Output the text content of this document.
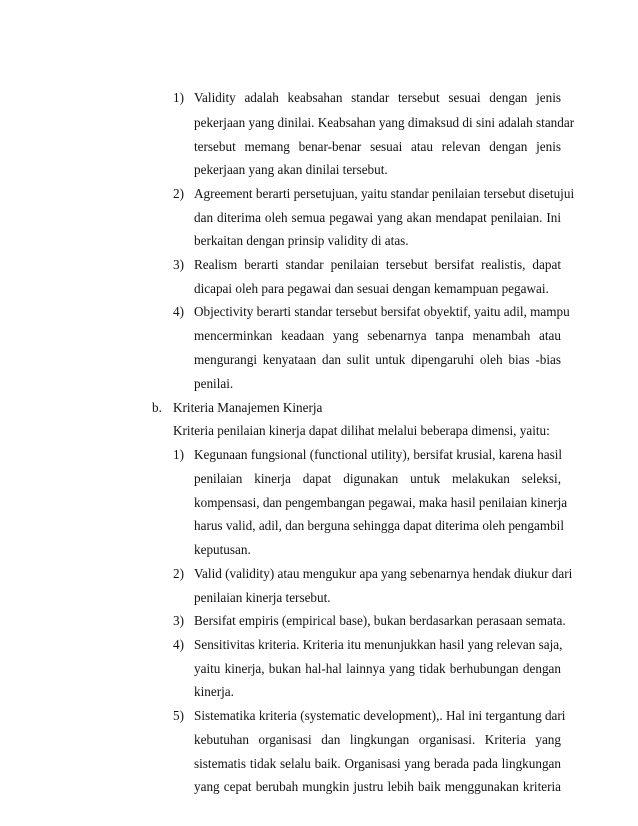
1) Validity adalah keabsahan standar tersebut sesuai dengan jenis
pekerjaan yang dinilai. Keabsahan yang dimaksud di sini adalah standar
tersebut memang benar-benar sesuai atau relevan dengan jenis
pekerjaan yang akan dinilai tersebut.
2) Agreement berarti persetujuan, yaitu standar penilaian tersebut disetujui
dan diterima oleh semua pegawai yang akan mendapat penilaian. Ini
berkaitan dengan prinsip validity di atas.
3) Realism berarti standar penilaian tersebut bersifat realistis, dapat
dicapai oleh para pegawai dan sesuai dengan kemampuan pegawai.
4) Objectivity berarti standar tersebut bersifat obyektif, yaitu adil, mampu
mencerminkan keadaan yang sebenarnya tanpa menambah atau
mengurangi kenyataan dan sulit untuk dipengaruhi oleh bias -bias
penilai.
b. Kriteria Manajemen Kinerja
Kriteria penilaian kinerja dapat dilihat melalui beberapa dimensi, yaitu:
1) Kegunaan fungsional (functional utility), bersifat krusial, karena hasil
penilaian kinerja dapat digunakan untuk melakukan seleksi,
kompensasi, dan pengembangan pegawai, maka hasil penilaian kinerja
harus valid, adil, dan berguna sehingga dapat diterima oleh pengambil
keputusan.
2) Valid (validity) atau mengukur apa yang sebenarnya hendak diukur dari
penilaian kinerja tersebut.
3) Bersifat empiris (empirical base), bukan berdasarkan perasaan semata.
4) Sensitivitas kriteria. Kriteria itu menunjukkan hasil yang relevan saja,
yaitu kinerja, bukan hal-hal lainnya yang tidak berhubungan dengan
kinerja.
5) Sistematika kriteria (systematic development),. Hal ini tergantung dari
kebutuhan organisasi dan lingkungan organisasi. Kriteria yang
sistematis tidak selalu baik. Organisasi yang berada pada lingkungan
yang cepat berubah mungkin justru lebih baik menggunakan kriteria
